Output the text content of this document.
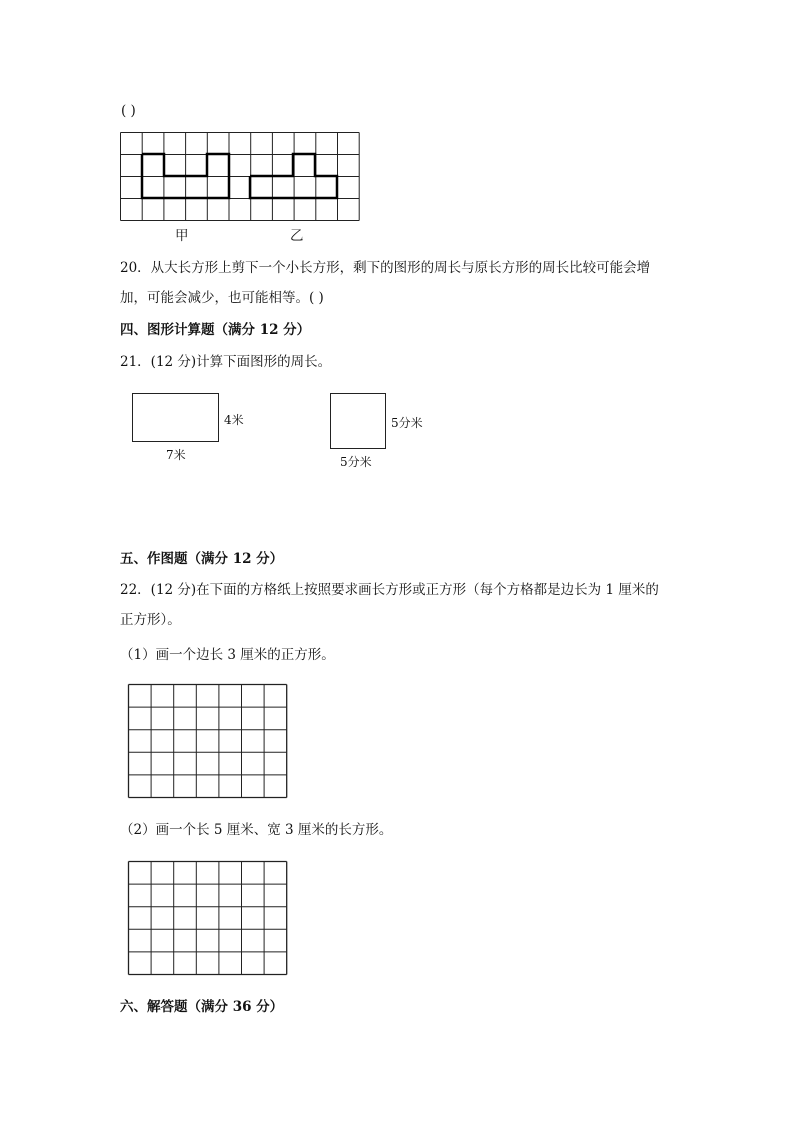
( )
甲	乙
20．从大长方形上剪下一个小长方形，剩下的图形的周长与原长方形的周长比较可能会增
加，可能会减少，也可能相等。( )
四、图形计算题（满分 12 分）
21．(12 分)计算下面图形的周长。
4米
7米
5分米
5分米
五、作图题（满分 12 分）
22．(12 分)在下面的方格纸上按照要求画长方形或正方形（每个方格都是边长为 1 厘米的
正方形）。
（1）画一个边长 3 厘米的正方形。
（2）画一个长 5 厘米、宽 3 厘米的长方形。
六、解答题（满分 36 分）
